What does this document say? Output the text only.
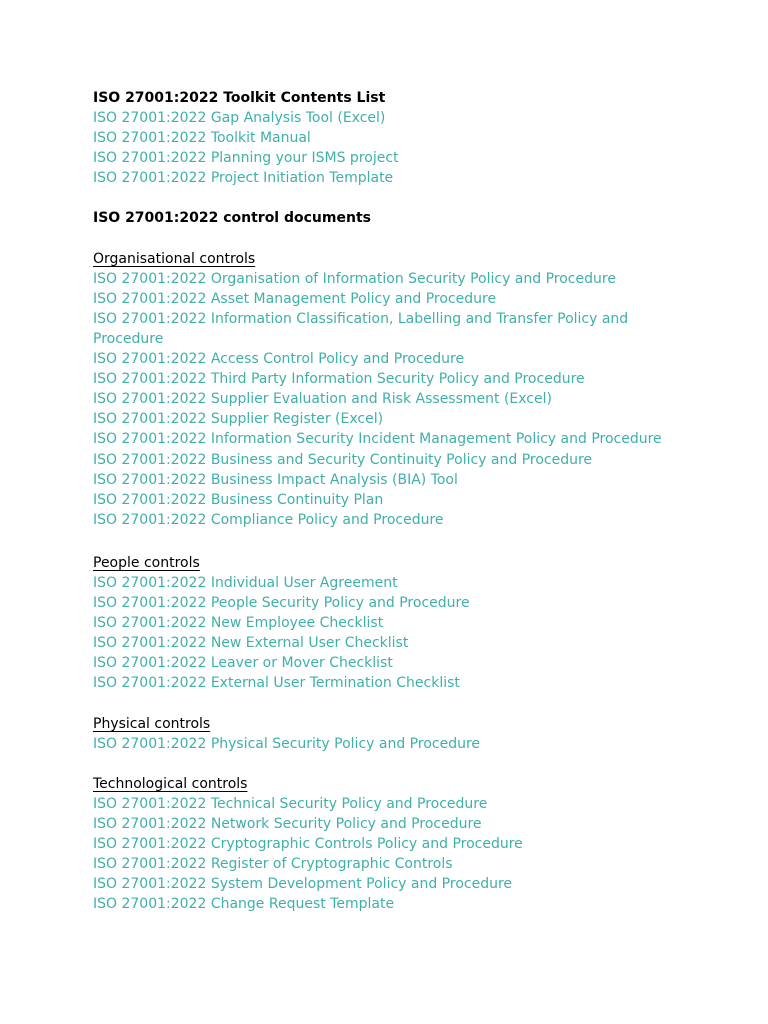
ISO 27001:2022 Toolkit Contents List
ISO 27001:2022 Gap Analysis Tool (Excel)
ISO 27001:2022 Toolkit Manual
ISO 27001:2022 Planning your ISMS project
ISO 27001:2022 Project Initiation Template
ISO 27001:2022 control documents
Organisational controls
ISO 27001:2022 Organisation of Information Security Policy and Procedure
ISO 27001:2022 Asset Management Policy and Procedure
ISO 27001:2022 Information Classification, Labelling and Transfer Policy and Procedure
ISO 27001:2022 Access Control Policy and Procedure
ISO 27001:2022 Third Party Information Security Policy and Procedure
ISO 27001:2022 Supplier Evaluation and Risk Assessment (Excel)
ISO 27001:2022 Supplier Register (Excel)
ISO 27001:2022 Information Security Incident Management Policy and Procedure
ISO 27001:2022 Business and Security Continuity Policy and Procedure
ISO 27001:2022 Business Impact Analysis (BIA) Tool
ISO 27001:2022 Business Continuity Plan
ISO 27001:2022 Compliance Policy and Procedure
People controls
ISO 27001:2022 Individual User Agreement
ISO 27001:2022 People Security Policy and Procedure
ISO 27001:2022 New Employee Checklist
ISO 27001:2022 New External User Checklist
ISO 27001:2022 Leaver or Mover Checklist
ISO 27001:2022 External User Termination Checklist
Physical controls
ISO 27001:2022 Physical Security Policy and Procedure
Technological controls
ISO 27001:2022 Technical Security Policy and Procedure
ISO 27001:2022 Network Security Policy and Procedure
ISO 27001:2022 Cryptographic Controls Policy and Procedure
ISO 27001:2022 Register of Cryptographic Controls
ISO 27001:2022 System Development Policy and Procedure
ISO 27001:2022 Change Request Template
